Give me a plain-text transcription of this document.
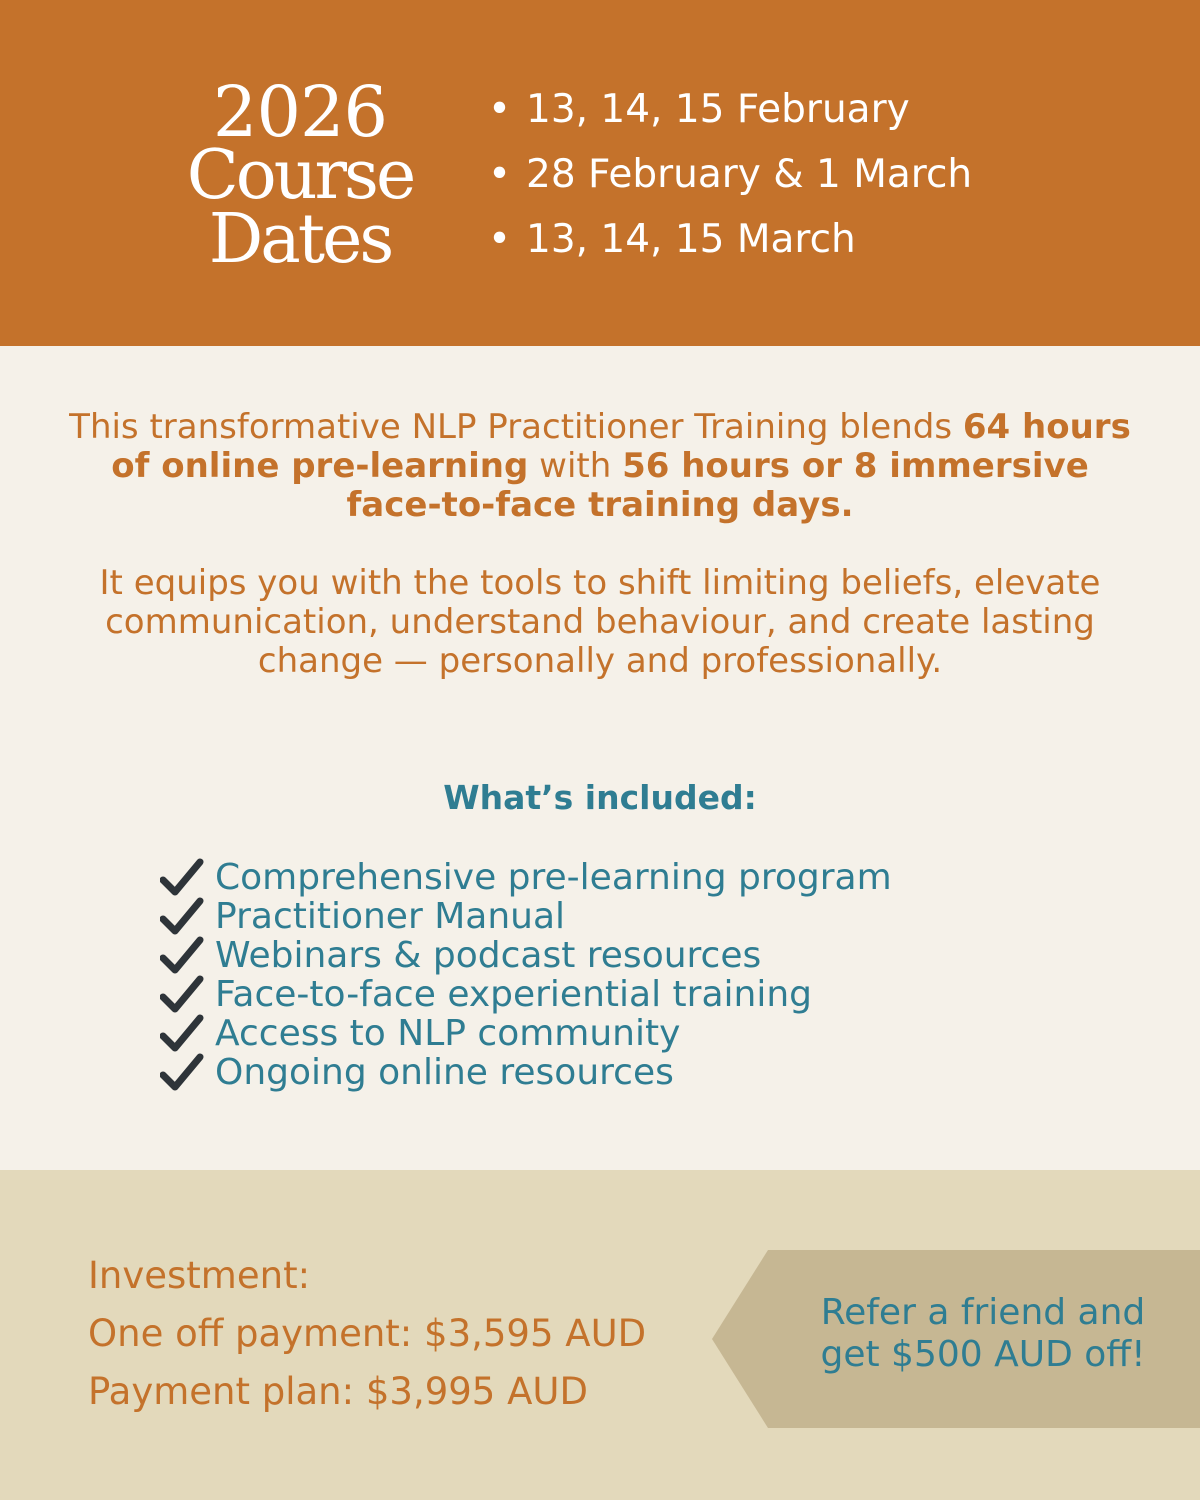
2026
Course
Dates
• 13, 14, 15 February
• 28 February & 1 March
• 13, 14, 15 March

This transformative NLP Practitioner Training blends 64 hours of online pre-learning with 56 hours or 8 immersive face-to-face training days.

It equips you with the tools to shift limiting beliefs, elevate communication, understand behaviour, and create lasting change — personally and professionally.

What’s included:
Comprehensive pre-learning program
Practitioner Manual
Webinars & podcast resources
Face-to-face experiential training
Access to NLP community
Ongoing online resources
Investment:
One off payment: $3,595 AUD
Payment plan: $3,995 AUD
Refer a friend and
get $500 AUD off!
